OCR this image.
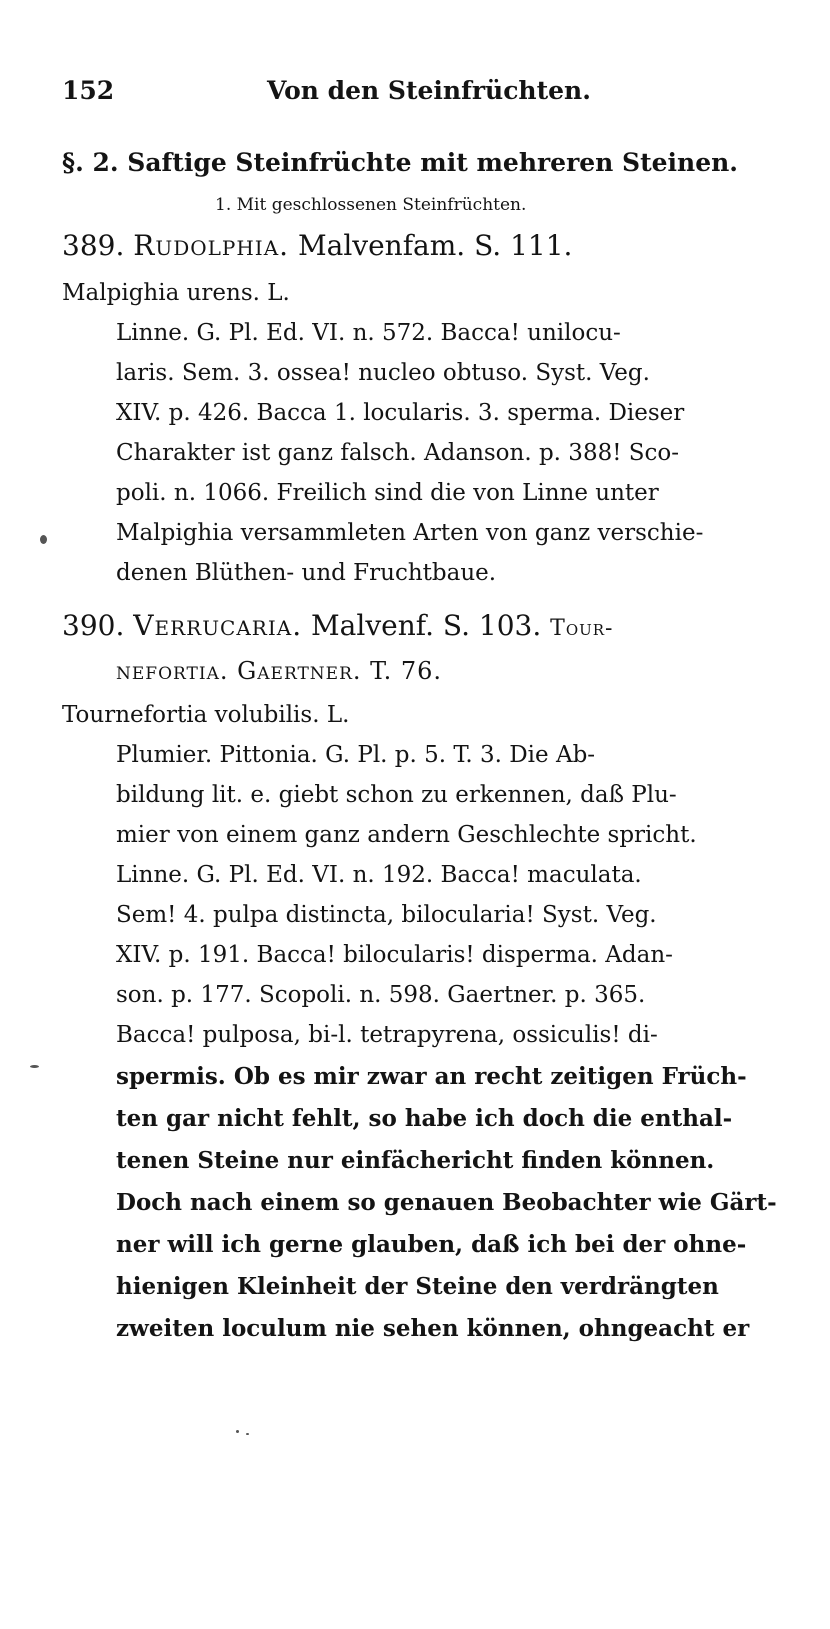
152	Von den Steinfrüchten.
§. 2. Saftige Steinfrüchte mit mehreren Steinen.
1. Mit geschlossenen Steinfrüchten.
389. Rudolphia. Malvenfam. S. 111.
Malpighia urens. L.
Linne. G. Pl. Ed. VI. n. 572. Bacca! unilocu-
laris. Sem. 3. ossea! nucleo obtuso. Syst. Veg.
XIV. p. 426. Bacca 1. locularis. 3. sperma. Dieser
Charakter ist ganz falsch. Adanson. p. 388! Sco-
poli. n. 1066. Freilich sind die von Linne unter
Malpighia versammleten Arten von ganz verschie-
denen Blüthen- und Fruchtbaue.
390. Verrucaria. Malvenf. S. 103. Tour-
nefortia. Gaertner. T. 76.
Tournefortia volubilis. L.
Plumier. Pittonia. G. Pl. p. 5. T. 3. Die Ab-
bildung lit. e. giebt schon zu erkennen, daß Plu-
mier von einem ganz andern Geschlechte spricht.
Linne. G. Pl. Ed. VI. n. 192. Bacca! maculata.
Sem! 4. pulpa distincta, bilocularia! Syst. Veg.
XIV. p. 191. Bacca! bilocularis! disperma. Adan-
son. p. 177. Scopoli. n. 598. Gaertner. p. 365.
Bacca! pulposa, bi-l. tetrapyrena, ossiculis! di-
spermis. Ob es mir zwar an recht zeitigen Früch-
ten gar nicht fehlt, so habe ich doch die enthal-
tenen Steine nur einfächericht finden können.
Doch nach einem so genauen Beobachter wie Gärt-
ner will ich gerne glauben, daß ich bei der ohne-
hienigen Kleinheit der Steine den verdrängten
zweiten loculum nie sehen können, ohngeacht er
